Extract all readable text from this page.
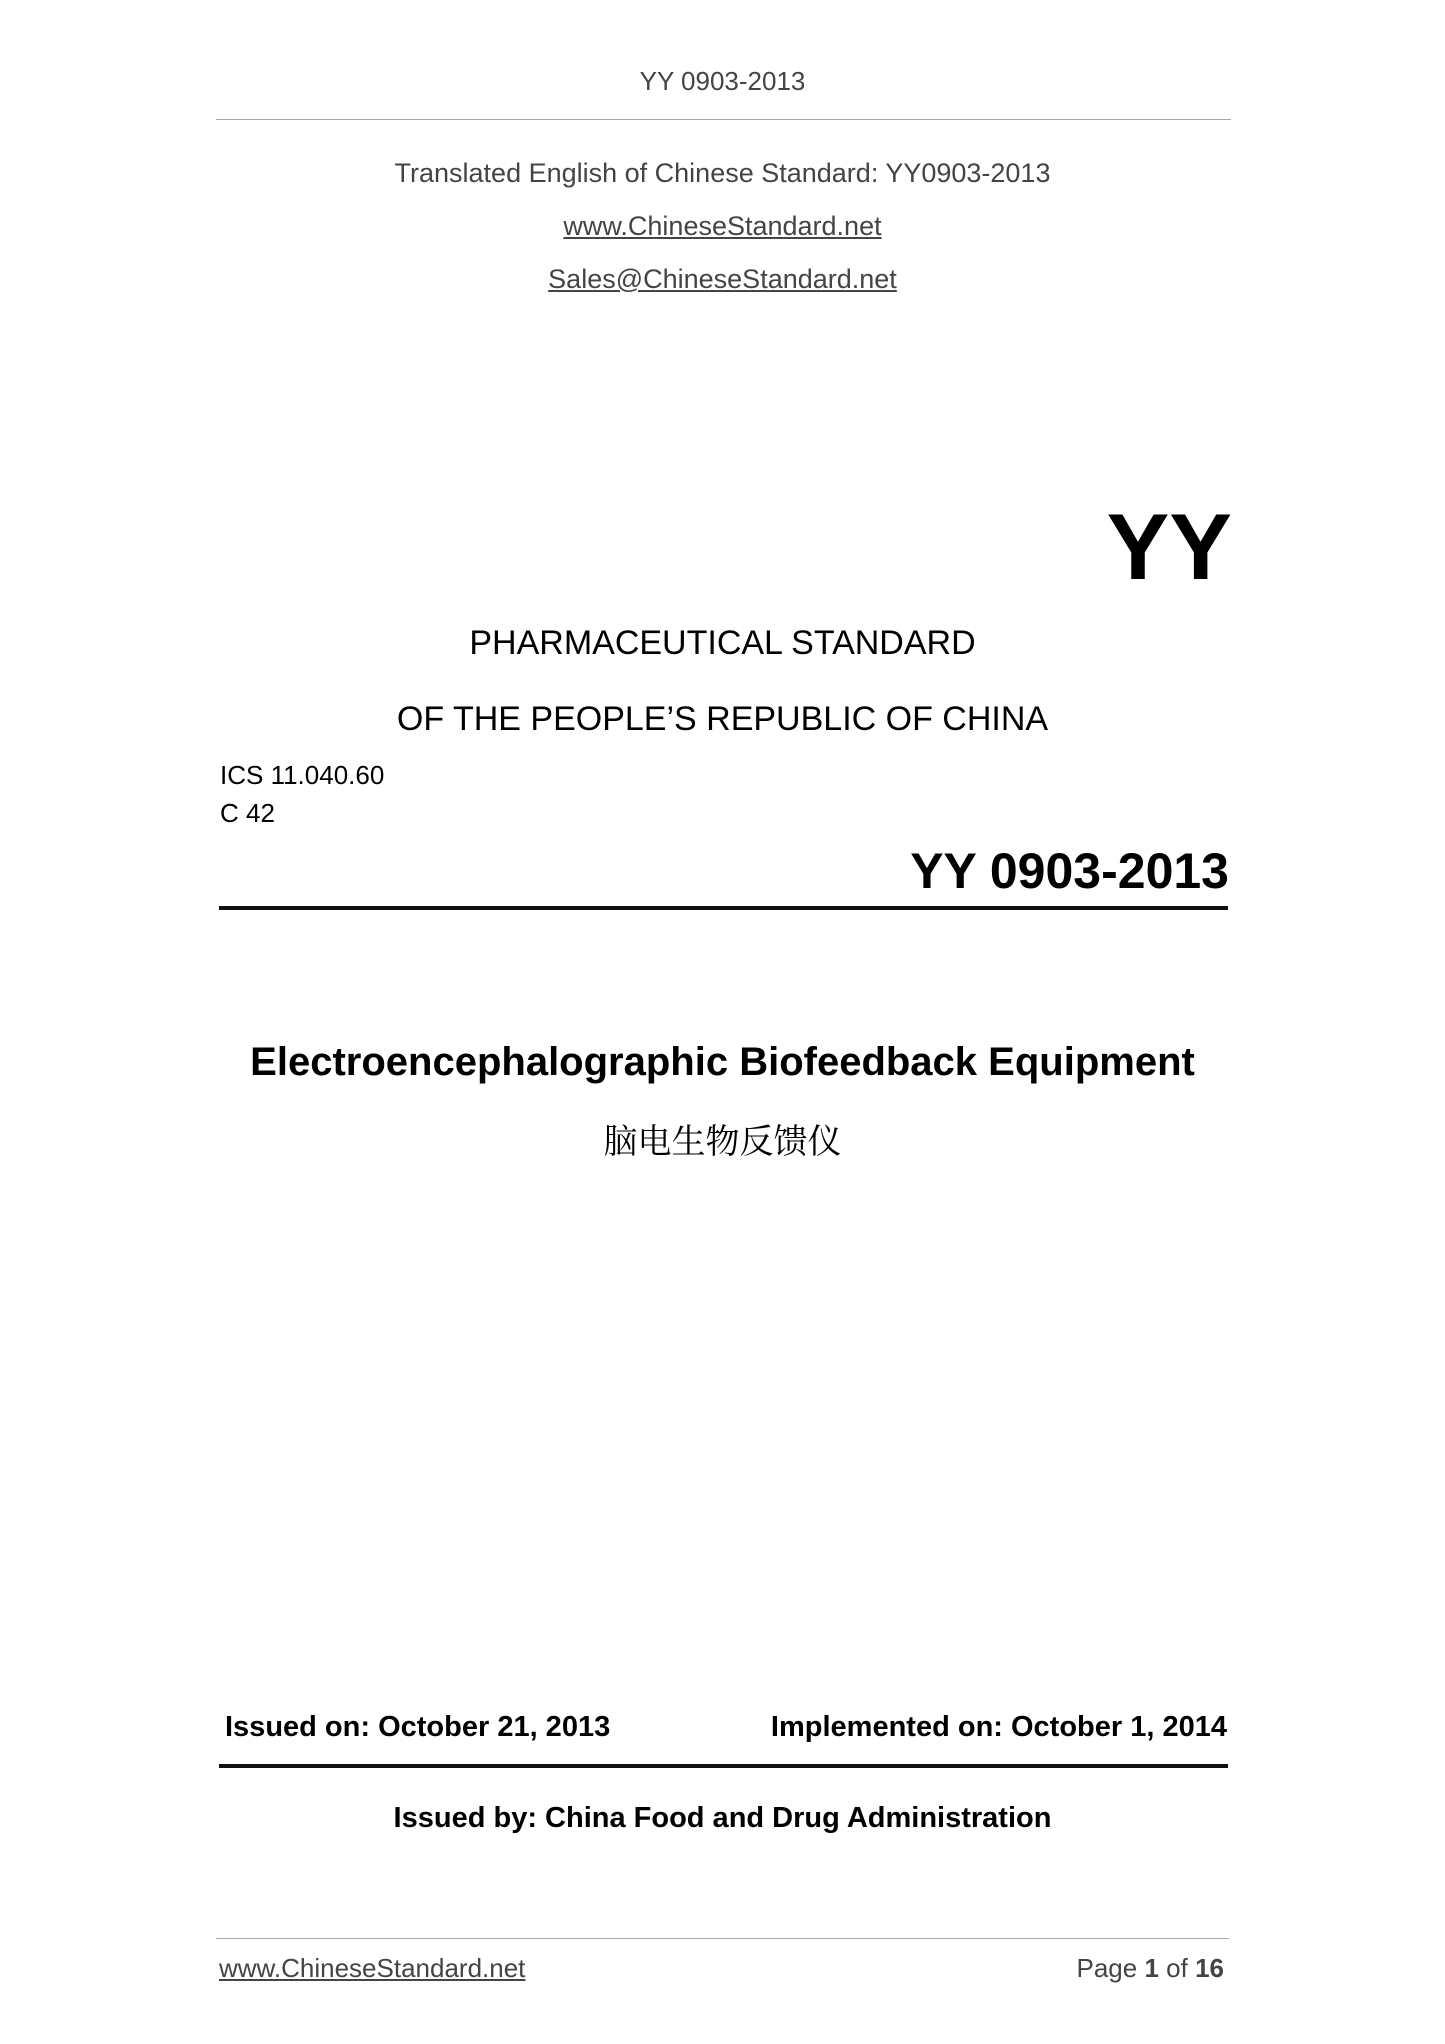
YY 0903-2013
Translated English of Chinese Standard: YY0903-2013
www.ChineseStandard.net
Sales@ChineseStandard.net
YY
PHARMACEUTICAL STANDARD
OF THE PEOPLE’S REPUBLIC OF CHINA
ICS 11.040.60
C 42
YY 0903-2013
Electroencephalographic Biofeedback Equipment
脑电生物反馈仪
Issued on: October 21, 2013	Implemented on: October 1, 2014
Issued by: China Food and Drug Administration
www.ChineseStandard.net	Page 1 of 16
